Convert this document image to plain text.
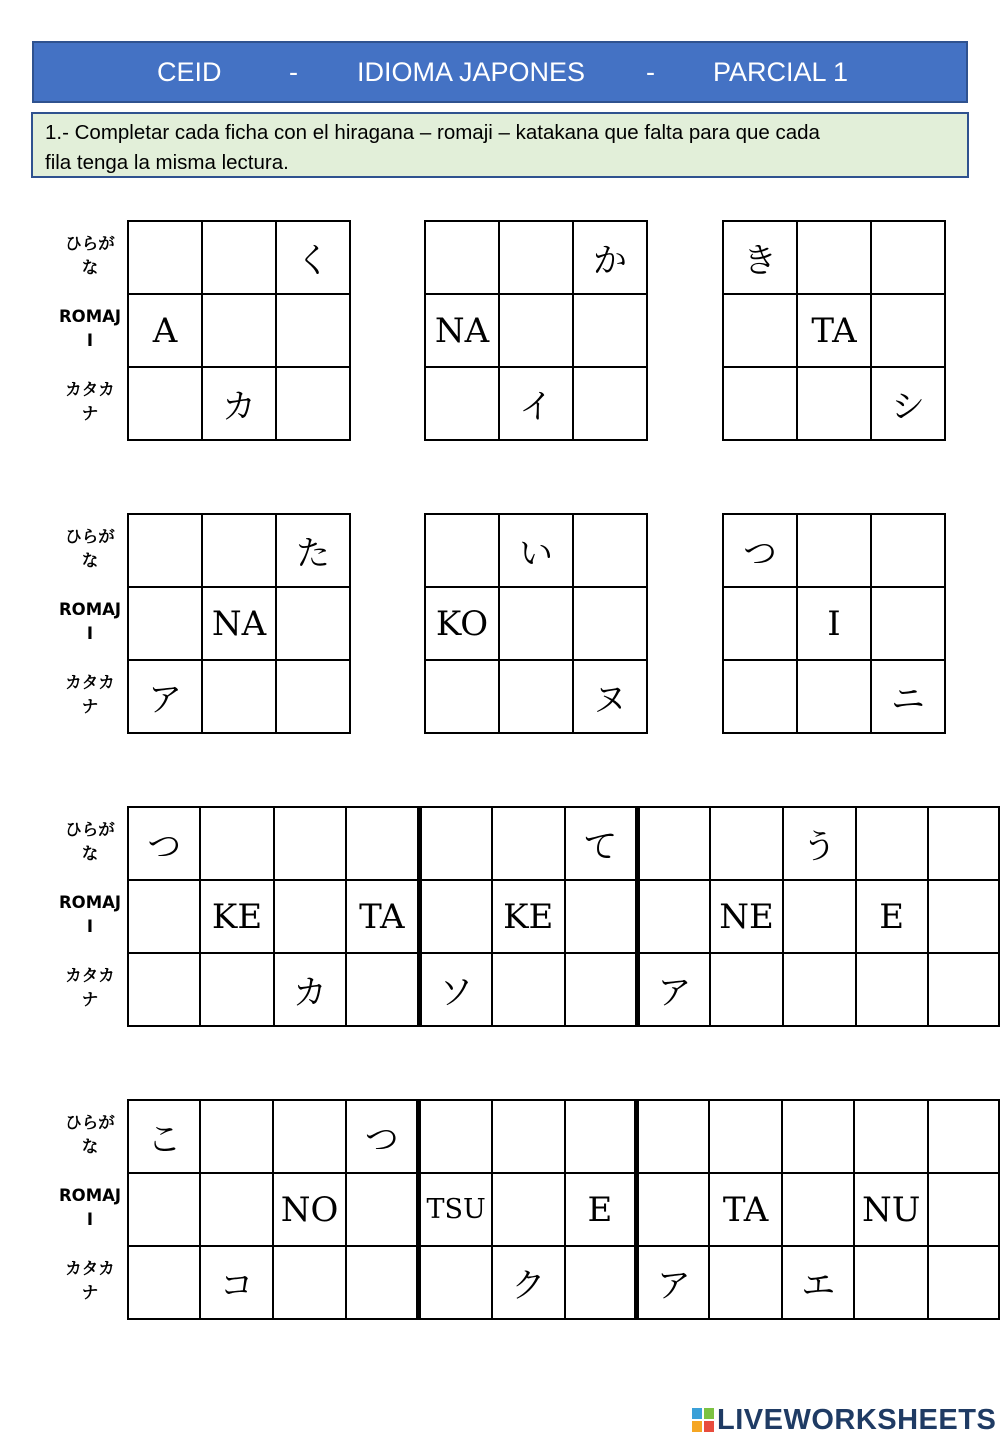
CEID - IDIOMA JAPONES - PARCIAL 1
1.- Completar cada ficha con el hiragana – romaji – katakana que falta para que cada
fila tenga la misma lectura.
ひらが
な
ROMAJ
I
カタカ
ナ
ひらが
な
ROMAJ
I
カタカ
ナ
ひらが
な
ROMAJ
I
カタカ
ナ
ひらが
な
ROMAJ
I
カタカ
ナ
		く
A		
	カ	
		か
NA		
	イ	
き		
	TA	
		シ
		た
	NA	
ア		
	い	
KO		
		ヌ
つ		
	I	
		ニ
つ						て			う		
	KE		TA		KE			NE		E	
		カ		ソ			ア				
こ			つ								
		NO		TSU		E		TA		NU	
	コ				ク		ア		エ		
LIVEWORKSHEETS
